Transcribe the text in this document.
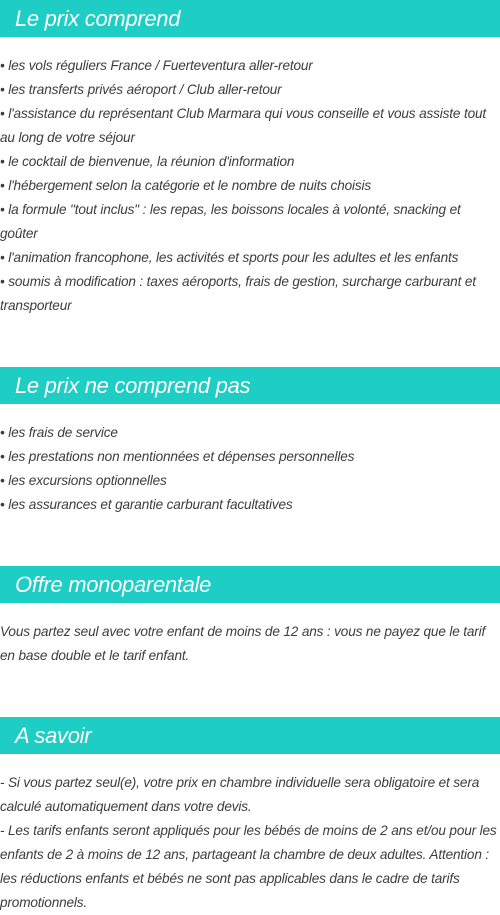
Le prix comprend

• les vols réguliers France / Fuerteventura aller-retour

• les transferts privés aéroport / Club aller-retour

• l'assistance du représentant Club Marmara qui vous conseille et vous assiste tout au long de votre séjour

• le cocktail de bienvenue, la réunion d'information

• l'hébergement selon la catégorie et le nombre de nuits choisis

• la formule "tout inclus" : les repas, les boissons locales à volonté, snacking et goûter

• l'animation francophone, les activités et sports pour les adultes et les enfants

• soumis à modification : taxes aéroports, frais de gestion, surcharge carburant et transporteur

Le prix ne comprend pas

• les frais de service

• les prestations non mentionnées et dépenses personnelles

• les excursions optionnelles

• les assurances et garantie carburant facultatives

Offre monoparentale

Vous partez seul avec votre enfant de moins de 12 ans : vous ne payez que le tarif en base double et le tarif enfant.

A savoir

- Si vous partez seul(e), votre prix en chambre individuelle sera obligatoire et sera calculé automatiquement dans votre devis.

- Les tarifs enfants seront appliqués pour les bébés de moins de 2 ans et/ou pour les enfants de 2 à moins de 12 ans, partageant la chambre de deux adultes. Attention : les réductions enfants et bébés ne sont pas applicables dans le cadre de tarifs promotionnels.
